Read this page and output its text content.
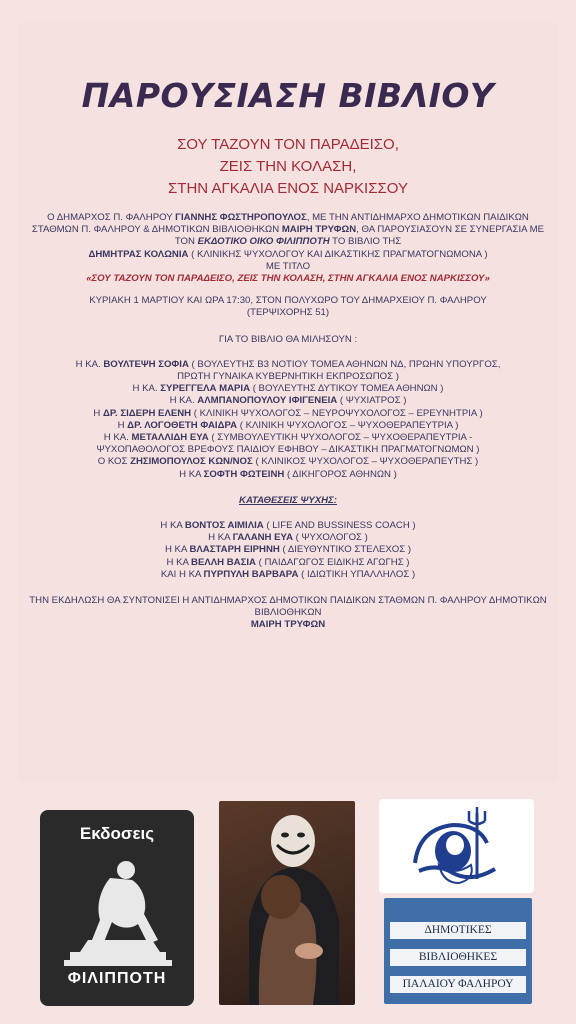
ΠΑΡΟΥΣΙΑΣΗ ΒΙΒΛΙΟΥ
ΣΟΥ ΤΑΖΟΥΝ ΤΟΝ ΠΑΡΑΔΕΙΣΟ,
ΖΕΙΣ ΤΗΝ ΚΟΛΑΣΗ,
ΣΤΗΝ ΑΓΚΑΛΙΑ ΕΝΟΣ ΝΑΡΚΙΣΣΟΥ

Ο ΔΗΜΑΡΧΟΣ Π. ΦΑΛΗΡΟΥ ΓΙΑΝΝΗΣ ΦΩΣΤΗΡΟΠΟΥΛΟΣ, ΜΕ ΤΗΝ ΑΝΤΙΔΗΜΑΡΧΟ ΔΗΜΟΤΙΚΩΝ ΠΑΙΔΙΚΩΝ ΣΤΑΘΜΩΝ Π. ΦΑΛΗΡΟΥ & ΔΗΜΟΤΙΚΩΝ ΒΙΒΛΙΟΘΗΚΩΝ ΜΑΙΡΗ ΤΡΥΦΩΝ, ΘΑ ΠΑΡΟΥΣΙΑΣΟΥΝ ΣΕ ΣΥΝΕΡΓΑΣΙΑ ΜΕ ΤΟΝ ΕΚΔΟΤΙΚΟ ΟΙΚΟ ΦΙΛΙΠΠΟΤΗ ΤΟ ΒΙΒΛΙΟ ΤΗΣ

ΔΗΜΗΤΡΑΣ ΚΟΛΩΝΙΑ ( ΚΛΙΝΙΚΗΣ ΨΥΧΟΛΟΓΟΥ ΚΑΙ ΔΙΚΑΣΤΙΚΗΣ ΠΡΑΓΜΑΤΟΓΝΩΜΟΝΑ )

ΜΕ ΤΙΤΛΟ

«ΣΟΥ ΤΑΖΟΥΝ ΤΟΝ ΠΑΡΑΔΕΙΣΟ, ΖΕΙΣ ΤΗΝ ΚΟΛΑΣΗ, ΣΤΗΝ ΑΓΚΑΛΙΑ ΕΝΟΣ ΝΑΡΚΙΣΣΟΥ»

ΚΥΡΙΑΚΗ 1 ΜΑΡΤΙΟΥ ΚΑΙ ΩΡΑ 17:30, ΣΤΟΝ ΠΟΛΥΧΩΡΟ ΤΟΥ ΔΗΜΑΡΧΕΙΟΥ Π. ΦΑΛΗΡΟΥ

(ΤΕΡΨΙΧΟΡΗΣ 51)

ΓΙΑ ΤΟ ΒΙΒΛΙΟ ΘΑ ΜΙΛΗΣΟΥΝ :

Η ΚΑ. ΒΟΥΛΤΕΨΗ ΣΟΦΙΑ ( ΒΟΥΛΕΥΤΗΣ Β3 ΝΟΤΙΟΥ ΤΟΜΕΑ ΑΘΗΝΩΝ ΝΔ, ΠΡΩΗΝ ΥΠΟΥΡΓΟΣ,

ΠΡΩΤΗ ΓΥΝΑΙΚΑ ΚΥΒΕΡΝΗΤΙΚΗ ΕΚΠΡΟΣΩΠΟΣ )

Η ΚΑ. ΣΥΡΕΓΓΕΛΑ ΜΑΡΙΑ ( ΒΟΥΛΕΥΤΗΣ ΔΥΤΙΚΟΥ ΤΟΜΕΑ ΑΘΗΝΩΝ )

Η ΚΑ. ΑΛΜΠΑΝΟΠΟΥΛΟΥ ΙΦΙΓΕΝΕΙΑ ( ΨΥΧΙΑΤΡΟΣ )

Η ΔΡ. ΣΙΔΕΡΗ ΕΛΕΝΗ ( ΚΛΙΝΙΚΗ ΨΥΧΟΛΟΓΟΣ – ΝΕΥΡΟΨΥΧΟΛΟΓΟΣ – ΕΡΕΥΝΗΤΡΙΑ )

Η ΔΡ. ΛΟΓΟΘΕΤΗ ΦΑΙΔΡΑ ( ΚΛΙΝΙΚΗ ΨΥΧΟΛΟΓΟΣ – ΨΥΧΟΘΕΡΑΠΕΥΤΡΙΑ )

Η ΚΑ. ΜΕΤΑΛΛΙΔΗ ΕΥΑ ( ΣΥΜΒΟΥΛΕΥΤΙΚΗ ΨΥΧΟΛΟΓΟΣ – ΨΥΧΟΘΕΡΑΠΕΥΤΡΙΑ -

ΨΥΧΟΠΑΘΟΛΟΓΟΣ ΒΡΕΦΟΥΣ ΠΑΙΔΙΟΥ ΕΦΗΒΟΥ – ΔΙΚΑΣΤΙΚΗ ΠΡΑΓΜΑΤΟΓΝΩΜΩΝ )

Ο ΚΟΣ ΖΗΣΙΜΟΠΟΥΛΟΣ ΚΩΝ/ΝΟΣ ( ΚΛΙΝΙΚΟΣ ΨΥΧΟΛΟΓΟΣ – ΨΥΧΟΘΕΡΑΠΕΥΤΗΣ )

Η ΚΑ ΣΟΦΤΗ ΦΩΤΕΙΝΗ ( ΔΙΚΗΓΟΡΟΣ ΑΘΗΝΩΝ )

ΚΑΤΑΘΕΣΕΙΣ ΨΥΧΗΣ:

Η ΚΑ ΒΟΝΤΟΣ ΑΙΜΙΛΙΑ ( LIFE AND BUSSINESS COACH )

Η ΚΑ ΓΑΛΑΝΗ ΕΥΑ ( ΨΥΧΟΛΟΓΟΣ )

Η ΚΑ ΒΛΑΣΤΑΡΗ ΕΙΡΗΝΗ ( ΔΙΕΥΘΥΝΤΙΚΟ ΣΤΕΛΕΧΟΣ )

Η ΚΑ ΒΕΛΛΗ ΒΑΣΙΑ ( ΠΑΙΔΑΓΩΓΟΣ ΕΙΔΙΚΗΣ ΑΓΩΓΗΣ )

ΚΑΙ Η ΚΑ ΠΥΡΠΥΛΗ ΒΑΡΒΑΡΑ ( ΙΔΙΩΤΙΚΗ ΥΠΑΛΛΗΛΟΣ )

ΤΗΝ ΕΚΔΗΛΩΣΗ ΘΑ ΣΥΝΤΟΝΙΣΕΙ Η ΑΝΤΙΔΗΜΑΡΧΟΣ ΔΗΜΟΤΙΚΩΝ ΠΑΙΔΙΚΩΝ ΣΤΑΘΜΩΝ Π. ΦΑΛΗΡΟΥ ΔΗΜΟΤΙΚΩΝ ΒΙΒΛΙΟΘΗΚΩΝ

ΜΑΙΡΗ ΤΡΥΦΩΝ

Εκδοσεις
ΦΙΛΙΠΠΟΤΗ
ΔΗΜΟΤΙΚΕΣ
ΒΙΒΛΙΟΘΗΚΕΣ
ΠΑΛΑΙΟΥ ΦΑΛΗΡΟΥ
